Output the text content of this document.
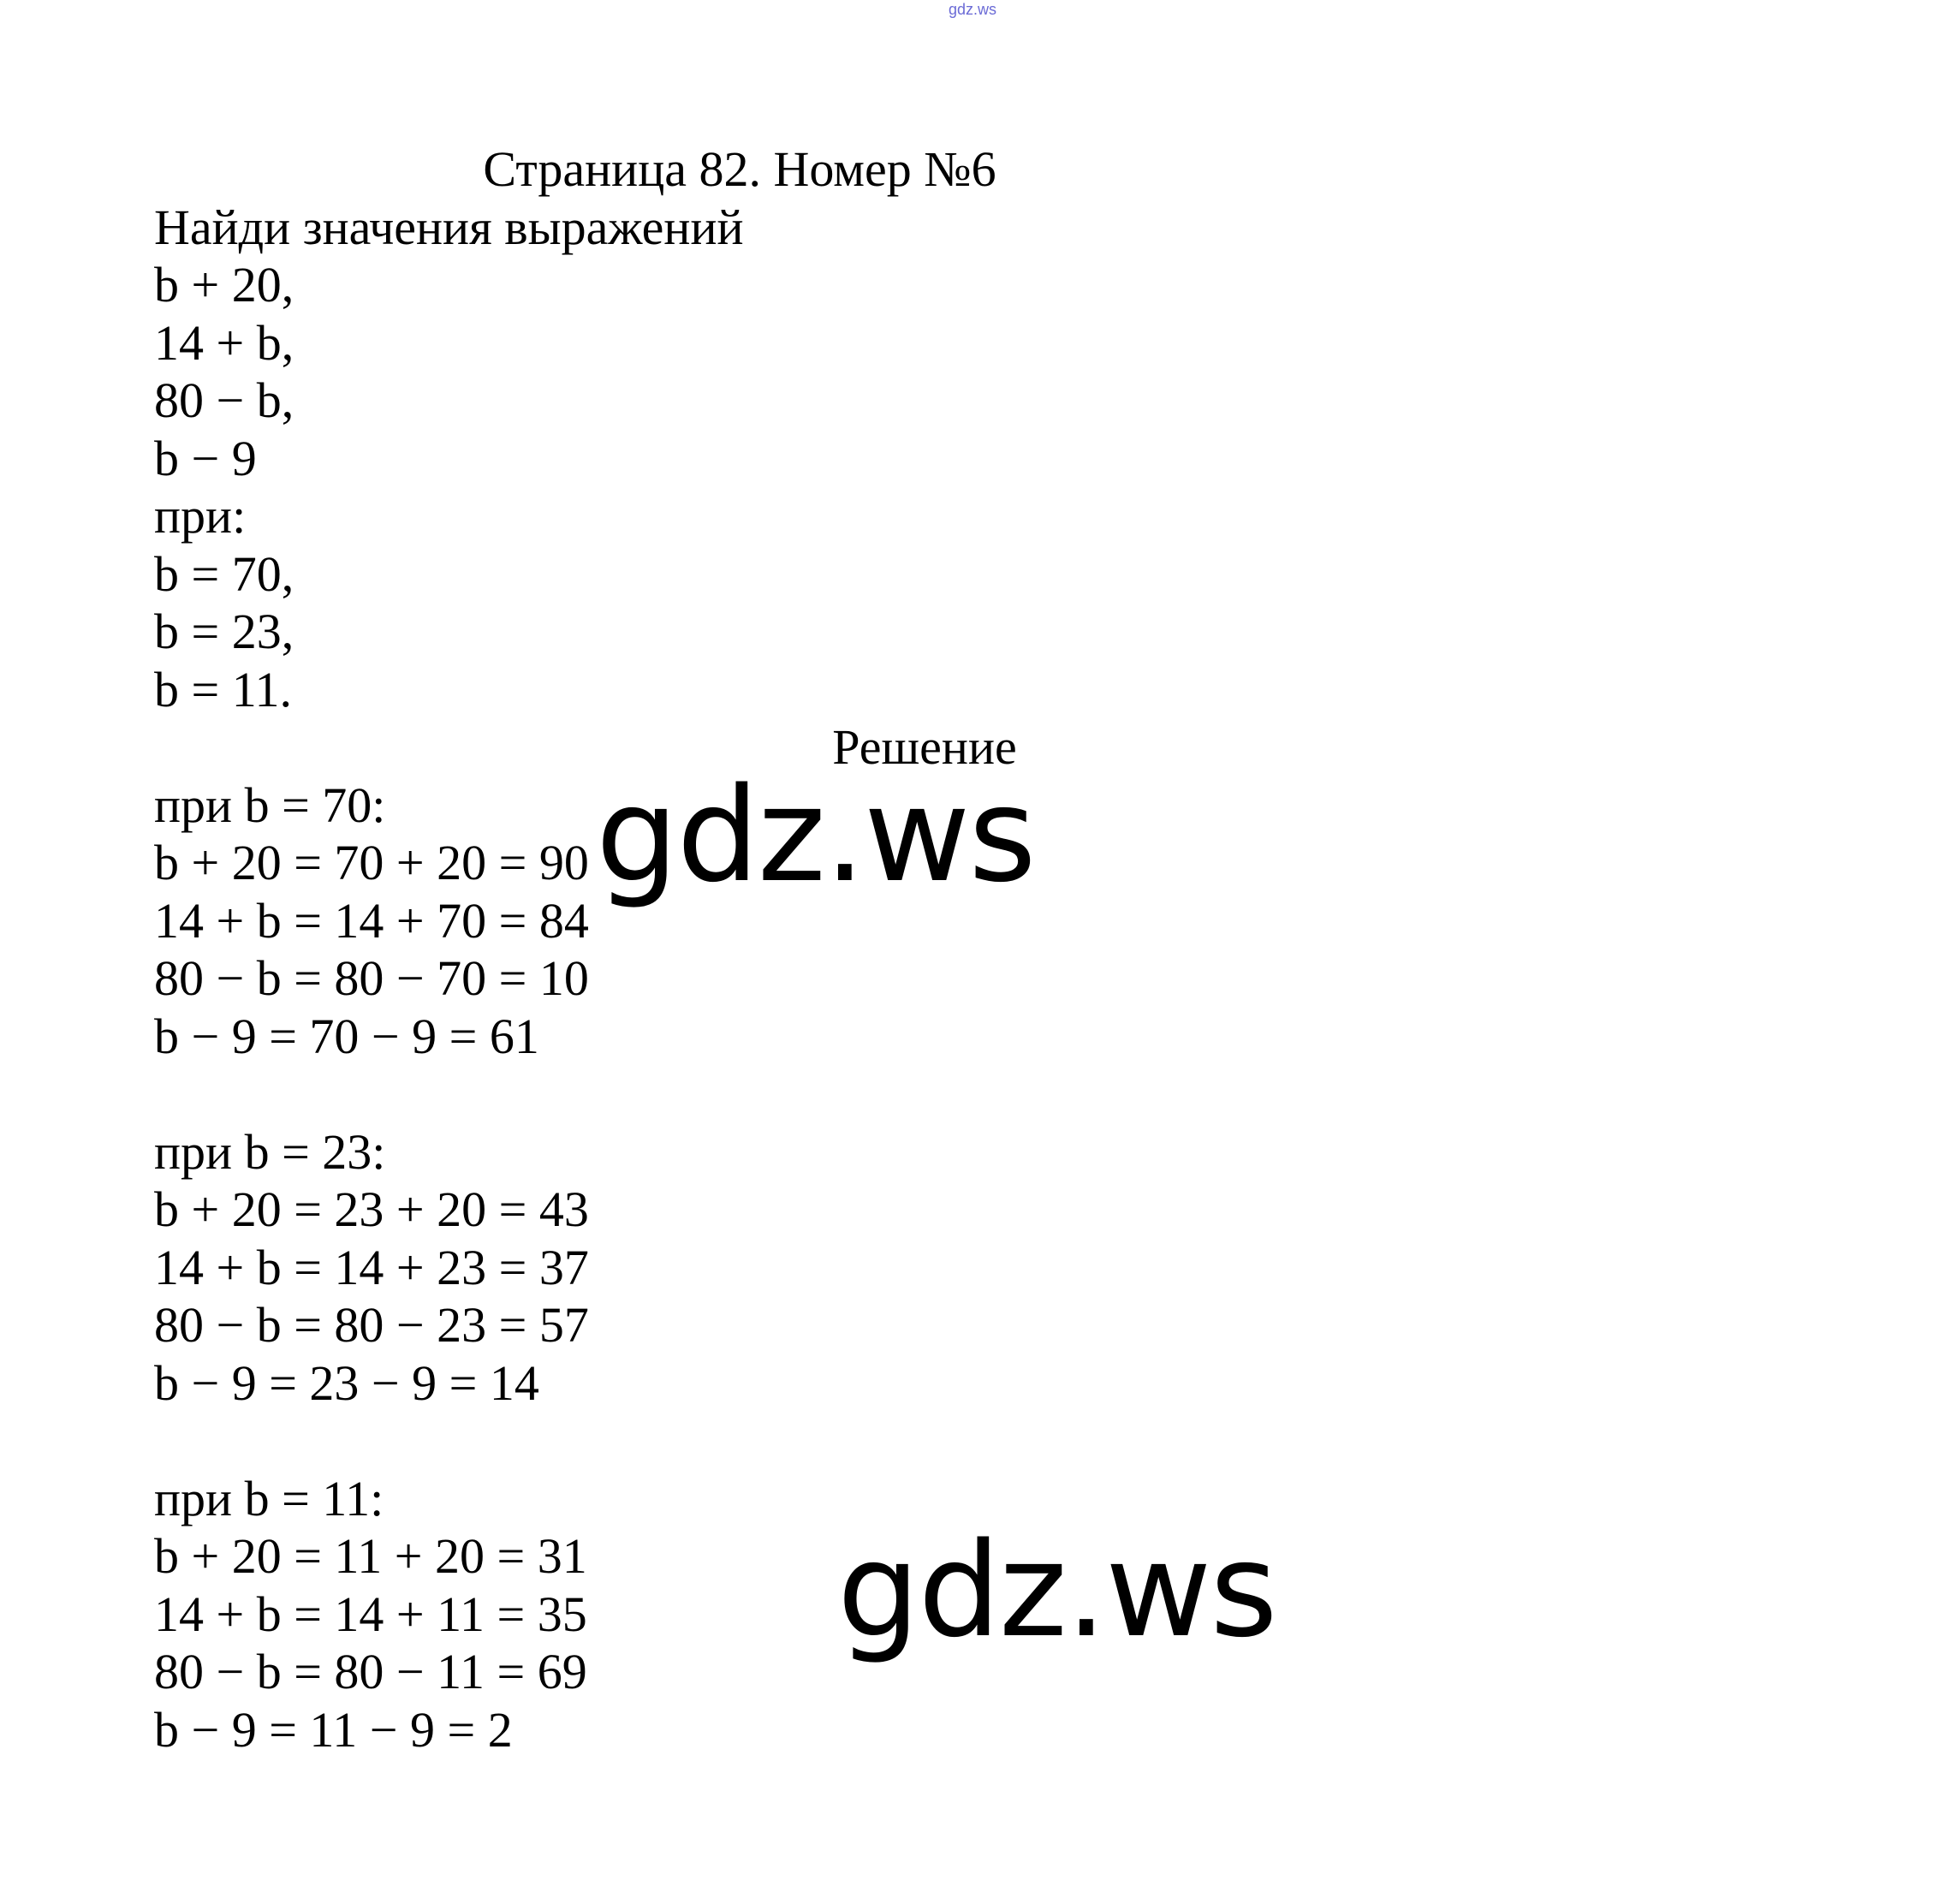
gdz.ws
Страница 82. Номер №6
Найди значения выражений
b + 20,
14 + b,
80 − b,
b − 9
при:
b = 70,
b = 23,
b = 11.
Решение
при b = 70:
b + 20 = 70 + 20 = 90
14 + b = 14 + 70 = 84
80 − b = 80 − 70 = 10
b − 9 = 70 − 9 = 61
при b = 23:
b + 20 = 23 + 20 = 43
14 + b = 14 + 23 = 37
80 − b = 80 − 23 = 57
b − 9 = 23 − 9 = 14
при b = 11:
b + 20 = 11 + 20 = 31
14 + b = 14 + 11 = 35
80 − b = 80 − 11 = 69
b − 9 = 11 − 9 = 2
gdz.ws
gdz.ws
